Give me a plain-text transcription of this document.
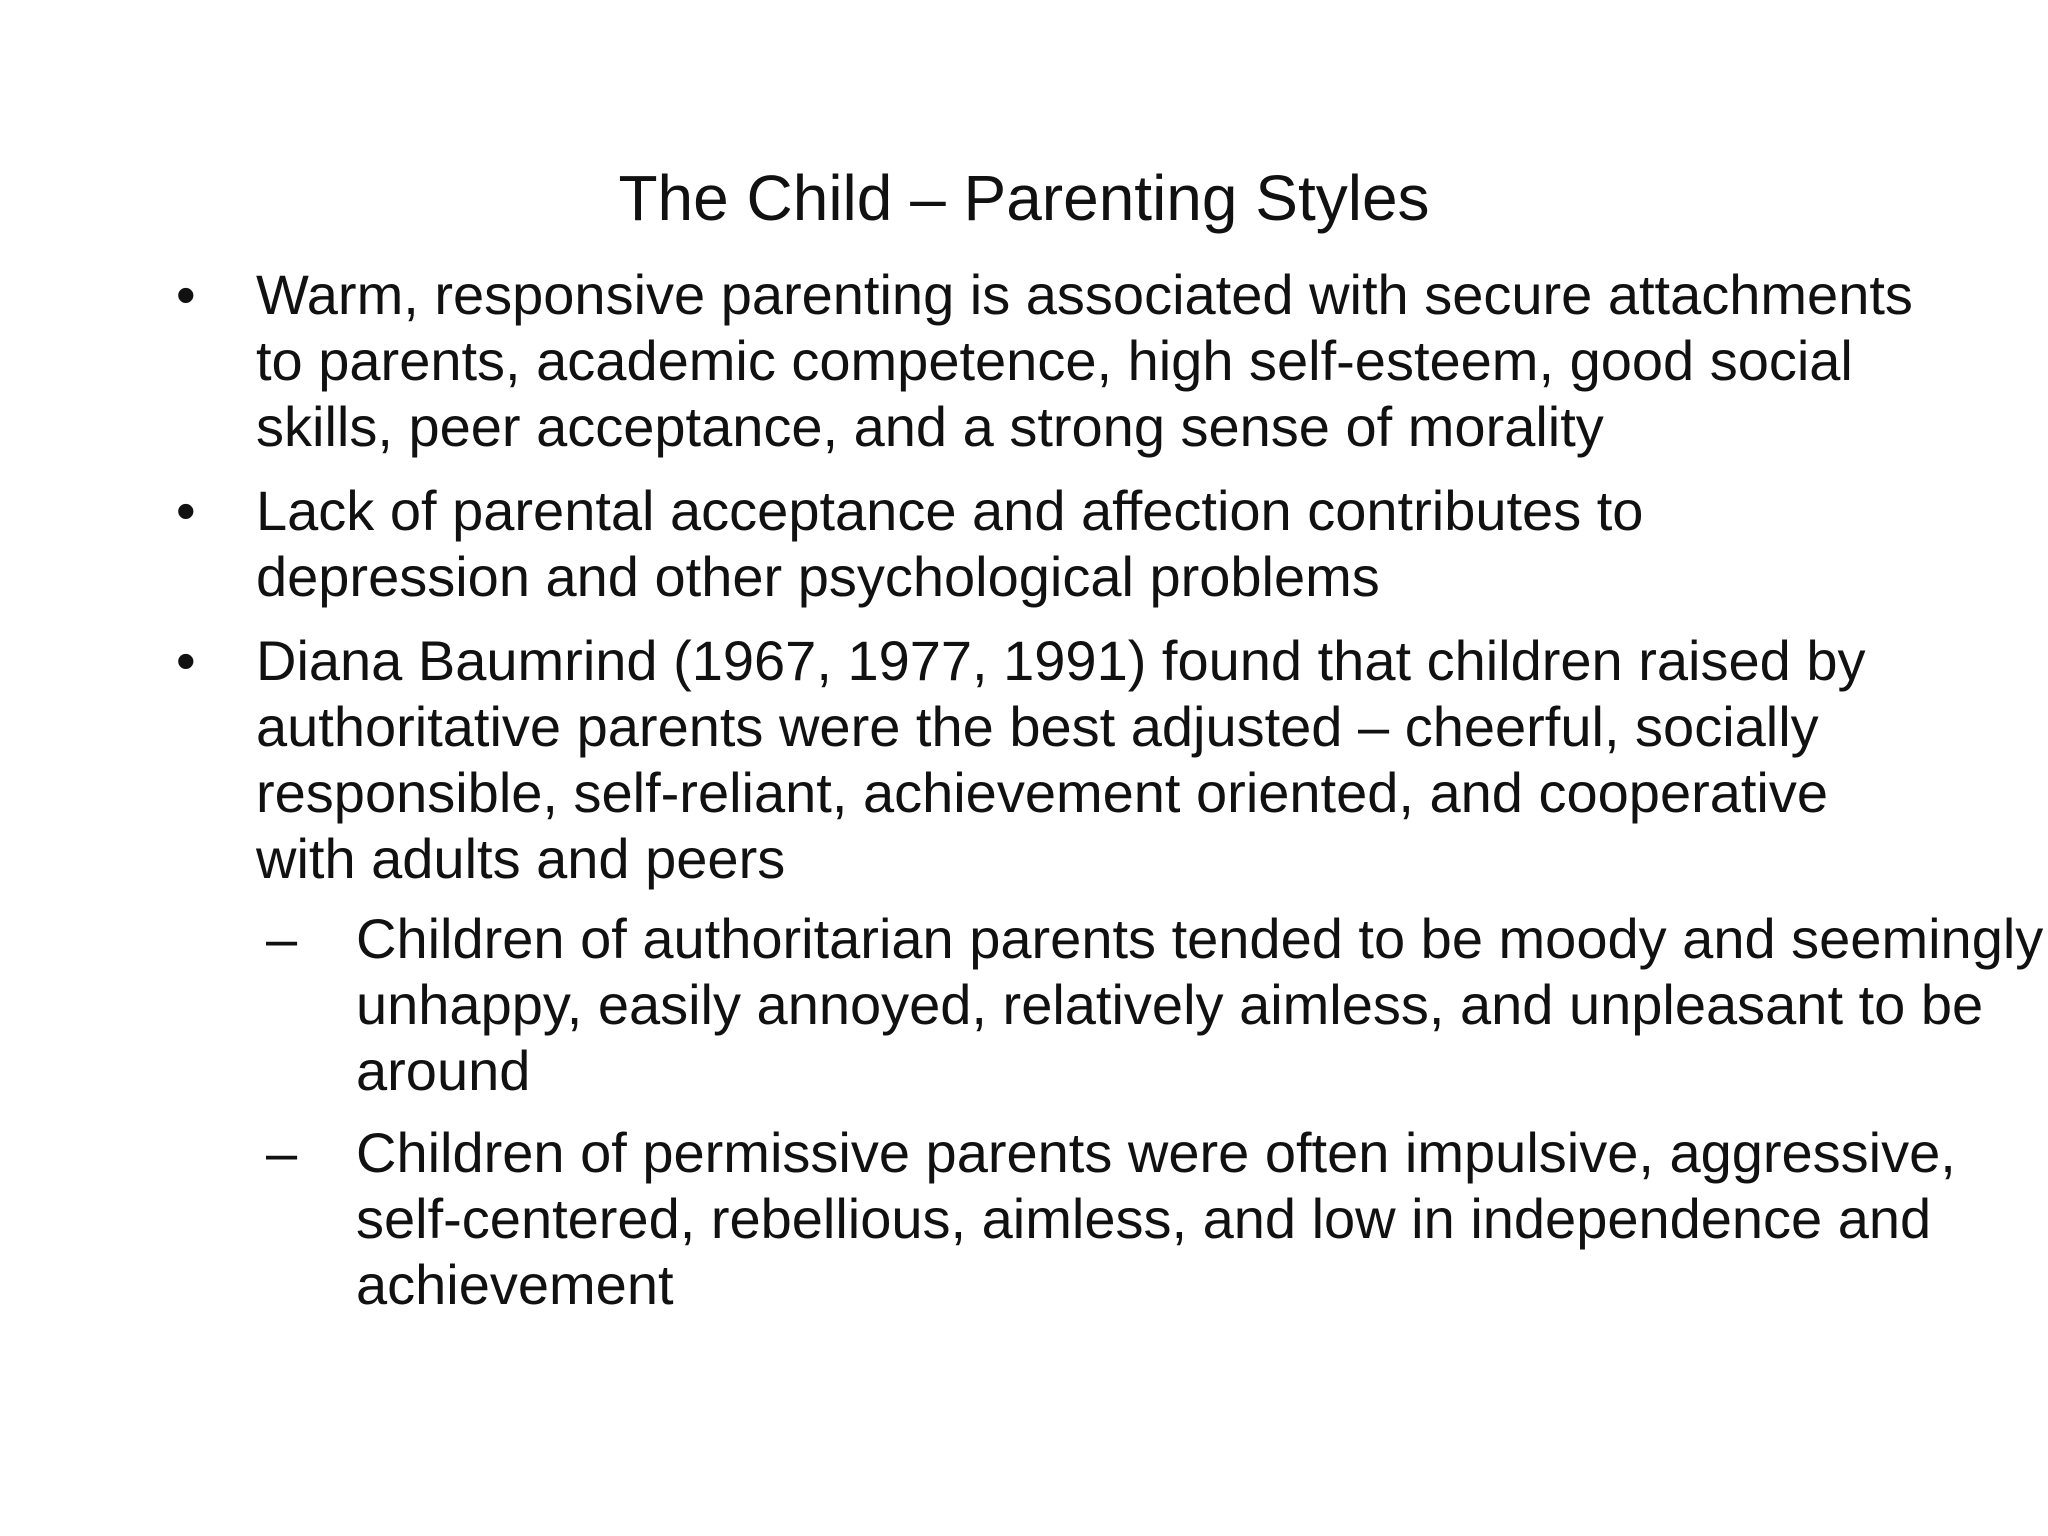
The Child – Parenting Styles
•	Warm, responsive parenting is associated with secure attachments to parents, academic competence, high self-esteem, good social skills, peer acceptance, and a strong sense of morality
•	Lack of parental acceptance and affection contributes to depression and other psychological problems
•	Diana Baumrind (1967, 1977, 1991) found that children raised by authoritative parents were the best adjusted – cheerful, socially responsible, self-reliant, achievement oriented, and cooperative with adults and peers
–	Children of authoritarian parents tended to be moody and seemingly unhappy, easily annoyed, relatively aimless, and unpleasant to be around
–	Children of permissive parents were often impulsive, aggressive, self-centered, rebellious, aimless, and low in independence and achievement
